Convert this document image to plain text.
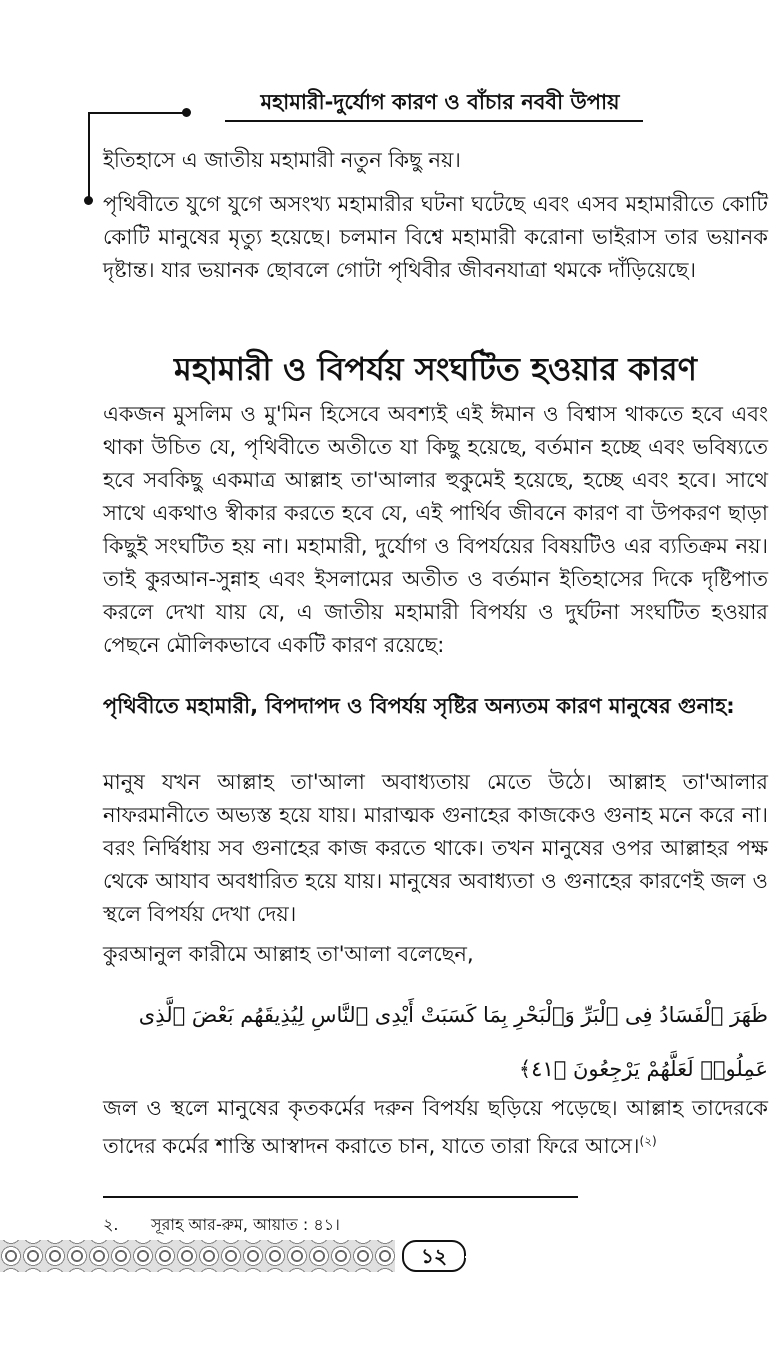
মহামারী-দুর্যোগ কারণ ও বাঁচার নববী উপায়
ইতিহাসে এ জাতীয় মহামারী নতুন কিছু নয়।
পৃথিবীতে যুগে যুগে অসংখ্য মহামারীর ঘটনা ঘটেছে এবং এসব মহামারীতে কোটি কোটি মানুষের মৃত্যু হয়েছে। চলমান বিশ্বে মহামারী করোনা ভাইরাস তার ভয়ানক দৃষ্টান্ত। যার ভয়ানক ছোবলে গোটা পৃথিবীর জীবনযাত্রা থমকে দাঁড়িয়েছে।
মহামারী ও বিপর্যয় সংঘটিত হওয়ার কারণ
একজন মুসলিম ও মু'মিন হিসেবে অবশ্যই এই ঈমান ও বিশ্বাস থাকতে হবে এবং থাকা উচিত যে, পৃথিবীতে অতীতে যা কিছু হয়েছে, বর্তমান হচ্ছে এবং ভবিষ্যতে হবে সবকিছু একমাত্র আল্লাহ তা'আলার হুকুমেই হয়েছে, হচ্ছে এবং হবে। সাথে সাথে একথাও স্বীকার করতে হবে যে, এই পার্থিব জীবনে কারণ বা উপকরণ ছাড়া কিছুই সংঘটিত হয় না। মহামারী, দুর্যোগ ও বিপর্যয়ের বিষয়টিও এর ব্যতিক্রম নয়। তাই কুরআন-সুন্নাহ এবং ইসলামের অতীত ও বর্তমান ইতিহাসের দিকে দৃষ্টিপাত করলে দেখা যায় যে, এ জাতীয় মহামারী বিপর্যয় ও দুর্ঘটনা সংঘটিত হওয়ার পেছনে মৌলিকভাবে একটি কারণ রয়েছে:
পৃথিবীতে মহামারী, বিপদাপদ ও বিপর্যয় সৃষ্টির অন্যতম কারণ মানুষের গুনাহ:
মানুষ যখন আল্লাহ তা'আলা অবাধ্যতায় মেতে উঠে। আল্লাহ তা'আলার নাফরমানীতে অভ্যস্ত হয়ে যায়। মারাত্মক গুনাহের কাজকেও গুনাহ মনে করে না। বরং নির্দ্বিধায় সব গুনাহের কাজ করতে থাকে। তখন মানুষের ওপর আল্লাহর পক্ষ থেকে আযাব অবধারিত হয়ে যায়। মানুষের অবাধ্যতা ও গুনাহের কারণেই জল ও স্থলে বিপর্যয় দেখা দেয়।
কুরআনুল কারীমে আল্লাহ তা'আলা বলেছেন,
ظَهَرَ ٱلْفَسَادُ فِى ٱلْبَرِّ وَٱلْبَحْرِ بِمَا كَسَبَتْ أَيْدِى ٱلنَّاسِ لِيُذِيقَهُم بَعْضَ ٱلَّذِى عَمِلُوا۟ لَعَلَّهُمْ يَرْجِعُونَ ﴿٤١﴾
জল ও স্থলে মানুষের কৃতকর্মের দরুন বিপর্যয় ছড়িয়ে পড়েছে। আল্লাহ তাদেরকে তাদের কর্মের শাস্তি আস্বাদন করাতে চান, যাতে তারা ফিরে আসে।$^{(২)}$
২. সূরাহ আর-রুম, আয়াত : ৪১।
১২
